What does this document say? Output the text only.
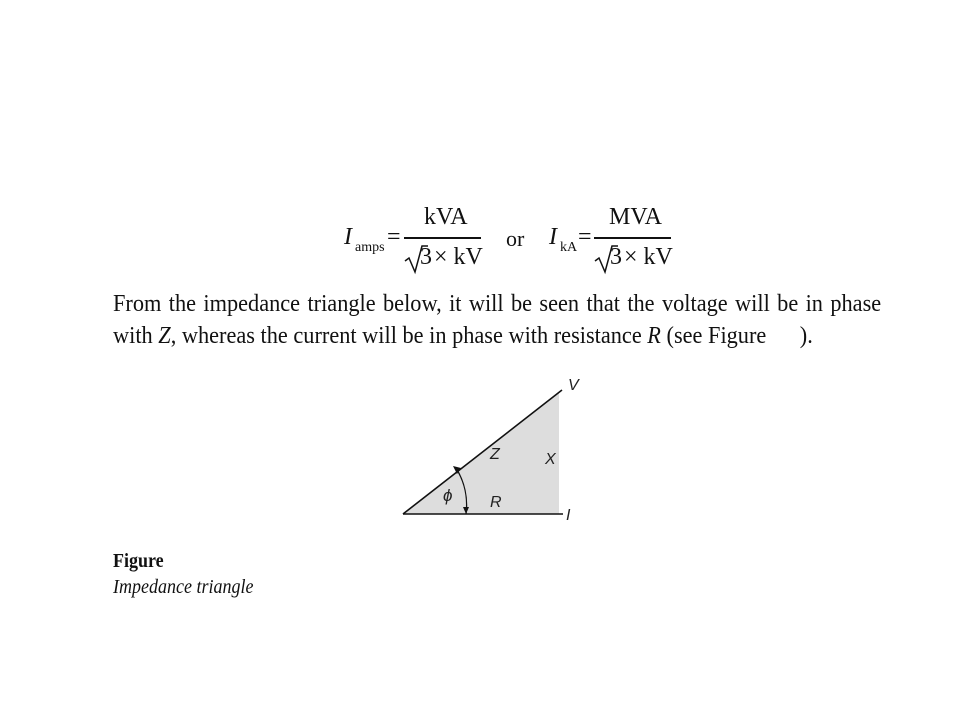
I amps =
kVA
3 × kV
or I kA =
MVA
3 × kV
From the impedance triangle below, it will be seen that the voltage will be in phase
with Z, whereas the current will be in phase with resistance R (see Figure      ).
V
I
Z	X
R
ϕ
Figure
Impedance triangle
